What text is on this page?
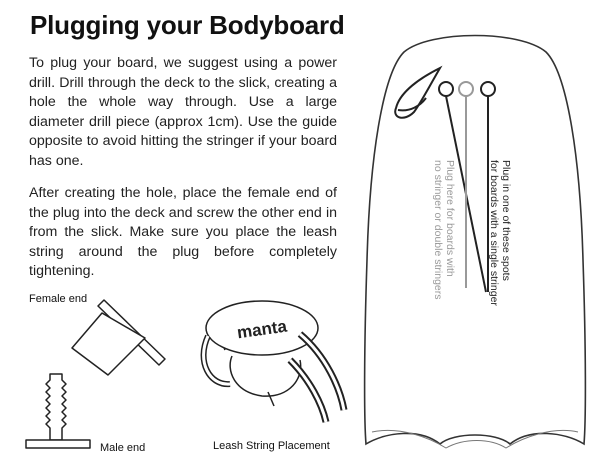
Plugging your Bodyboard
To plug your board, we suggest using a power drill. Drill through the deck to the slick, creating a hole the whole way through. Use a large diameter drill piece (approx 1cm). Use the guide opposite to avoid hitting the stringer if your board has one.
After creating the hole, place the female end of the plug into the deck and screw the other end in from the slick. Make sure you place the leash string around the plug before completely tightening.
manta
Plug in one of these spots
for boards with a single stringer
Plug here for boards with
no stringer or double stringers
Female end
Male end	Leash String Placement
